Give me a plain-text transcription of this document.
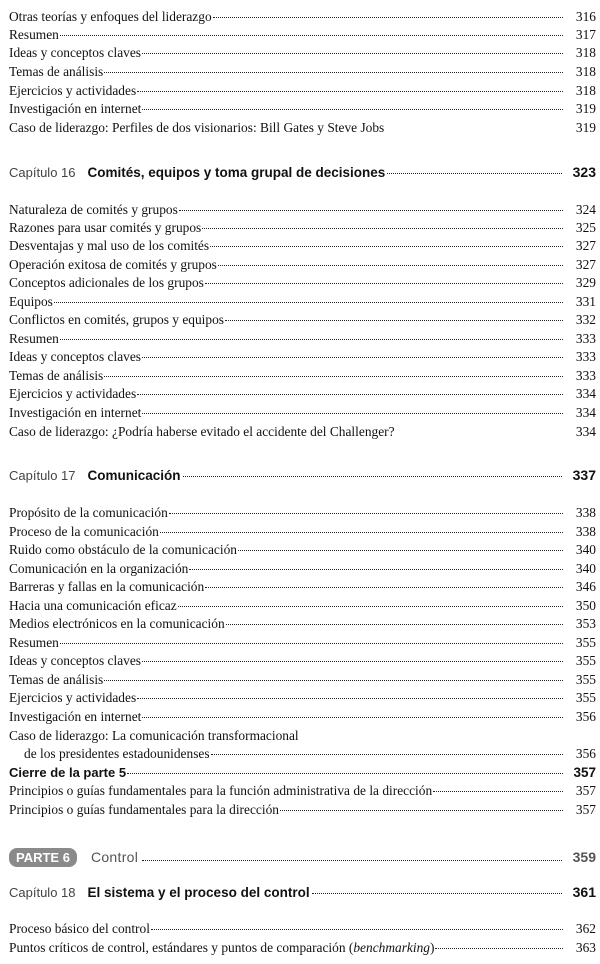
Otras teorías y enfoques del liderazgo	316
Resumen	317
Ideas y conceptos claves	318
Temas de análisis	318
Ejercicios y actividades	318
Investigación en internet	319
Caso de liderazgo: Perfiles de dos visionarios: Bill Gates y Steve Jobs	319
Capítulo 16 Comités, equipos y toma grupal de decisiones	323
Naturaleza de comités y grupos	324
Razones para usar comités y grupos	325
Desventajas y mal uso de los comités	327
Operación exitosa de comités y grupos	327
Conceptos adicionales de los grupos	329
Equipos	331
Conflictos en comités, grupos y equipos	332
Resumen	333
Ideas y conceptos claves	333
Temas de análisis	333
Ejercicios y actividades	334
Investigación en internet	334
Caso de liderazgo: ¿Podría haberse evitado el accidente del Challenger?	334
Capítulo 17 Comunicación	337
Propósito de la comunicación	338
Proceso de la comunicación	338
Ruido como obstáculo de la comunicación	340
Comunicación en la organización	340
Barreras y fallas en la comunicación	346
Hacia una comunicación eficaz	350
Medios electrónicos en la comunicación	353
Resumen	355
Ideas y conceptos claves	355
Temas de análisis	355
Ejercicios y actividades	355
Investigación en internet	356
Caso de liderazgo: La comunicación transformacional
de los presidentes estadounidenses	356
Cierre de la parte 5	357
Principios o guías fundamentales para la función administrativa de la dirección	357
Principios o guías fundamentales para la dirección	357
PARTE 6	Control	359
Capítulo 18 El sistema y el proceso del control	361
Proceso básico del control	362
Puntos críticos de control, estándares y puntos de comparación (benchmarking)	363
